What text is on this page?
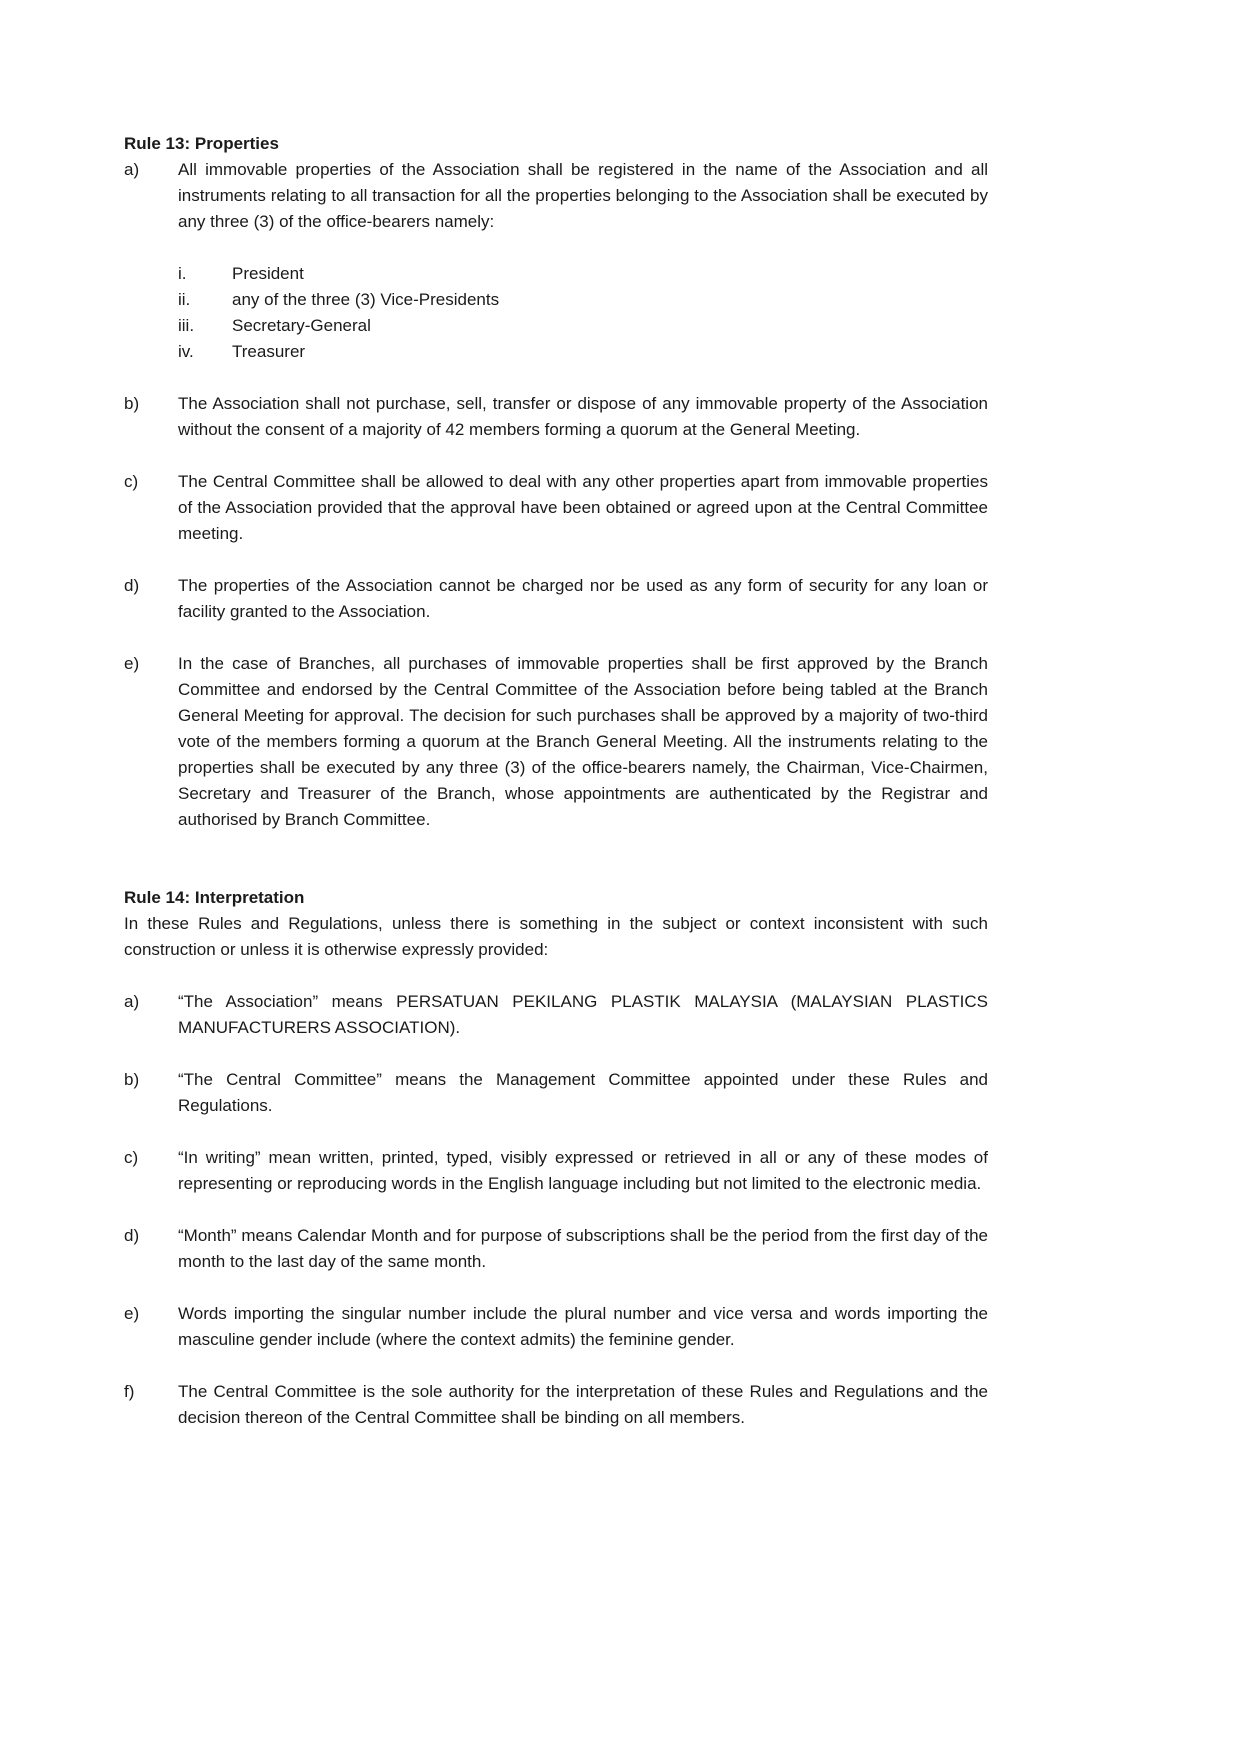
Rule 13: Properties
a)	All immovable properties of the Association shall be registered in the name of the Association and all instruments relating to all transaction for all the properties belonging to the Association shall be executed by any three (3) of the office-bearers namely:

i.	President

ii.	any of the three (3) Vice-Presidents

iii.	Secretary-General

iv.	Treasurer

b)	The Association shall not purchase, sell, transfer or dispose of any immovable property of the Association without the consent of a majority of 42 members forming a quorum at the General Meeting.

c)	The Central Committee shall be allowed to deal with any other properties apart from immovable properties of the Association provided that the approval have been obtained or agreed upon at the Central Committee meeting.

d)	The properties of the Association cannot be charged nor be used as any form of security for any loan or facility granted to the Association.

e)	In the case of Branches, all purchases of immovable properties shall be first approved by the Branch Committee and endorsed by the Central Committee of the Association before being tabled at the Branch General Meeting for approval. The decision for such purchases shall be approved by a majority of two-third vote of the members forming a quorum at the Branch General Meeting. All the instruments relating to the properties shall be executed by any three (3) of the office-bearers namely, the Chairman, Vice-Chairmen, Secretary and Treasurer of the Branch, whose appointments are authenticated by the Registrar and authorised by Branch Committee.

Rule 14: Interpretation

In these Rules and Regulations, unless there is something in the subject or context inconsistent with such construction or unless it is otherwise expressly provided:

a)	“The Association” means PERSATUAN PEKILANG PLASTIK MALAYSIA (MALAYSIAN PLASTICS MANUFACTURERS ASSOCIATION).

b)	“The Central Committee” means the Management Committee appointed under these Rules and Regulations.

c)	“In writing” mean written, printed, typed, visibly expressed or retrieved in all or any of these modes of representing or reproducing words in the English language including but not limited to the electronic media.

d)	“Month” means Calendar Month and for purpose of subscriptions shall be the period from the first day of the month to the last day of the same month.

e)	Words importing the singular number include the plural number and vice versa and words importing the masculine gender include (where the context admits) the feminine gender.

f)	The Central Committee is the sole authority for the interpretation of these Rules and Regulations and the decision thereon of the Central Committee shall be binding on all members.
